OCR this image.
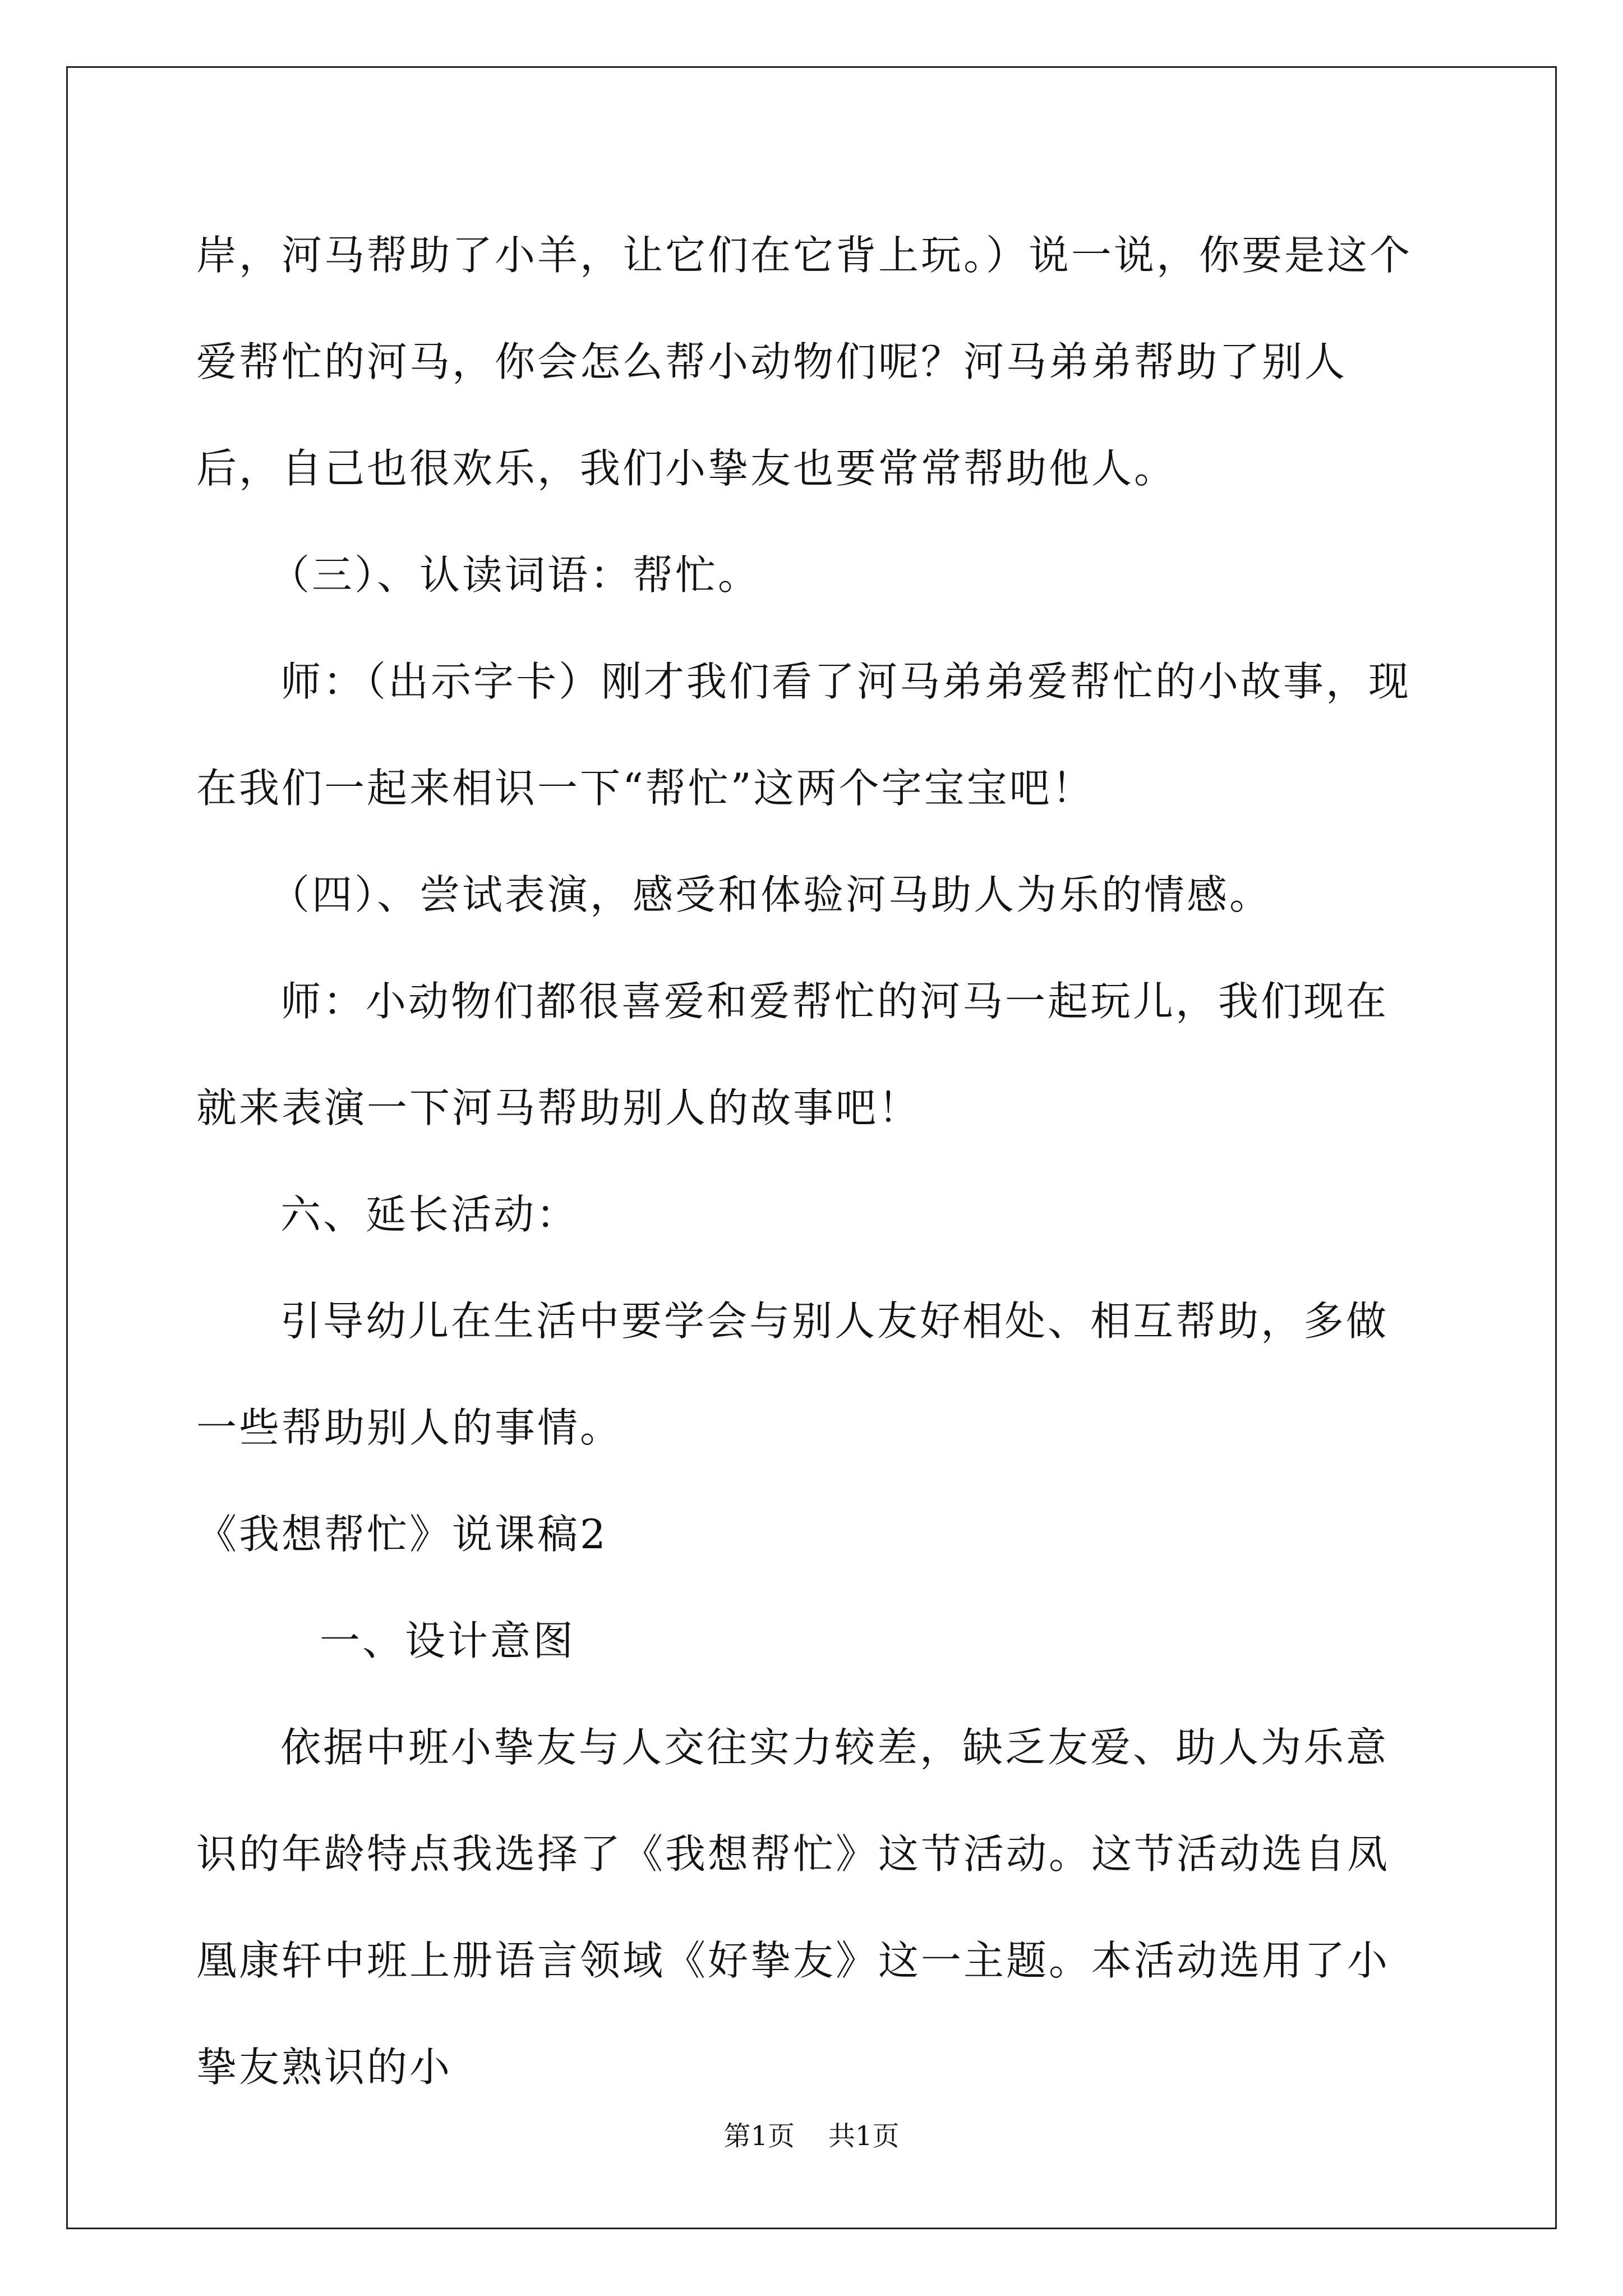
岸，河马帮助了小羊，让它们在它背上玩。）说一说，你要是这个爱帮忙的河马，你会怎么帮小动物们呢？河马弟弟帮助了别人后，自己也很欢乐，我们小挚友也要常常帮助他人。

（三）、认读词语：帮忙。

师：（出示字卡）刚才我们看了河马弟弟爱帮忙的小故事，现在我们一起来相识一下“帮忙”这两个字宝宝吧！

（四）、尝试表演，感受和体验河马助人为乐的情感。

师：小动物们都很喜爱和爱帮忙的河马一起玩儿，我们现在就来表演一下河马帮助别人的故事吧！

六、延长活动：

引导幼儿在生活中要学会与别人友好相处、相互帮助，多做一些帮助别人的事情。

《我想帮忙》说课稿2

一、设计意图

依据中班小挚友与人交往实力较差，缺乏友爱、助人为乐意识的年龄特点我选择了《我想帮忙》这节活动。这节活动选自凤凰康轩中班上册语言领域《好挚友》这一主题。本活动选用了小挚友熟识的小

第1页 共1页
